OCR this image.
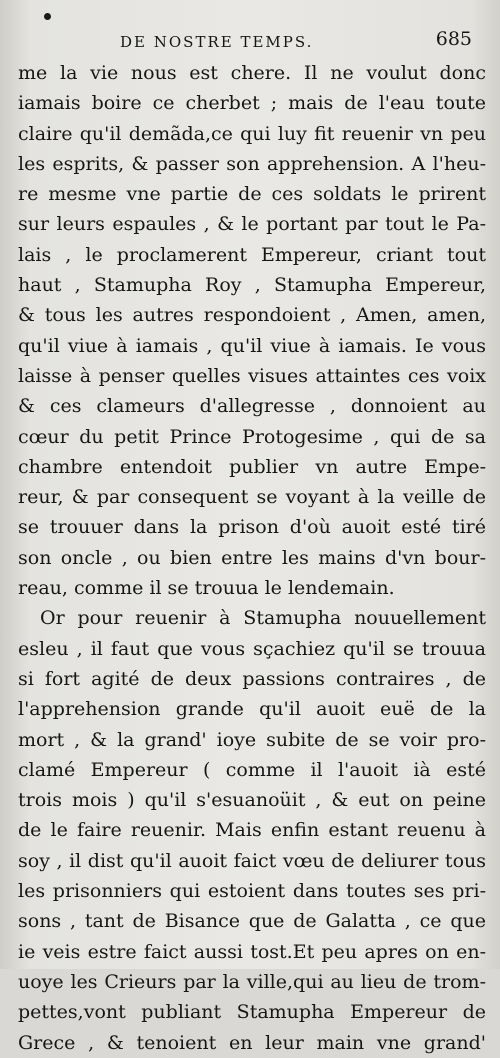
DE NOSTRE TEMPS.	685
me la vie nous est chere. Il ne voulut donc
iamais boire ce cherbet ; mais de l'eau toute
claire qu'il demãda,ce qui luy fit reuenir vn peu
les esprits, & passer son apprehension. A l'heu-
re mesme vne partie de ces soldats le prirent
sur leurs espaules , & le portant par tout le Pa-
lais , le proclamerent Empereur, criant tout
haut , Stamupha Roy , Stamupha Empereur,
& tous les autres respondoient , Amen, amen,
qu'il viue à iamais , qu'il viue à iamais. Ie vous
laisse à penser quelles visues attaintes ces voix
& ces clameurs d'allegresse , donnoient au
cœur du petit Prince Protogesime , qui de sa
chambre entendoit publier vn autre Empe-
reur, & par consequent se voyant à la veille de
se trouuer dans la prison d'où auoit esté tiré
son oncle , ou bien entre les mains d'vn bour-
reau, comme il se trouua le lendemain.
Or pour reuenir à Stamupha nouuellement
esleu , il faut que vous sçachiez qu'il se trouua
si fort agité de deux passions contraires , de
l'apprehension grande qu'il auoit euë de la
mort , & la grand' ioye subite de se voir pro-
clamé Empereur ( comme il l'auoit ià esté
trois mois ) qu'il s'esuanoüit , & eut on peine
de le faire reuenir. Mais enfin estant reuenu à
soy , il dist qu'il auoit faict vœu de deliurer tous
les prisonniers qui estoient dans toutes ses pri-
sons , tant de Bisance que de Galatta , ce que
ie veis estre faict aussi tost.Et peu apres on en-
uoye les Crieurs par la ville,qui au lieu de trom-
pettes,vont publiant Stamupha Empereur de
Grece , & tenoient en leur main vne grand'
